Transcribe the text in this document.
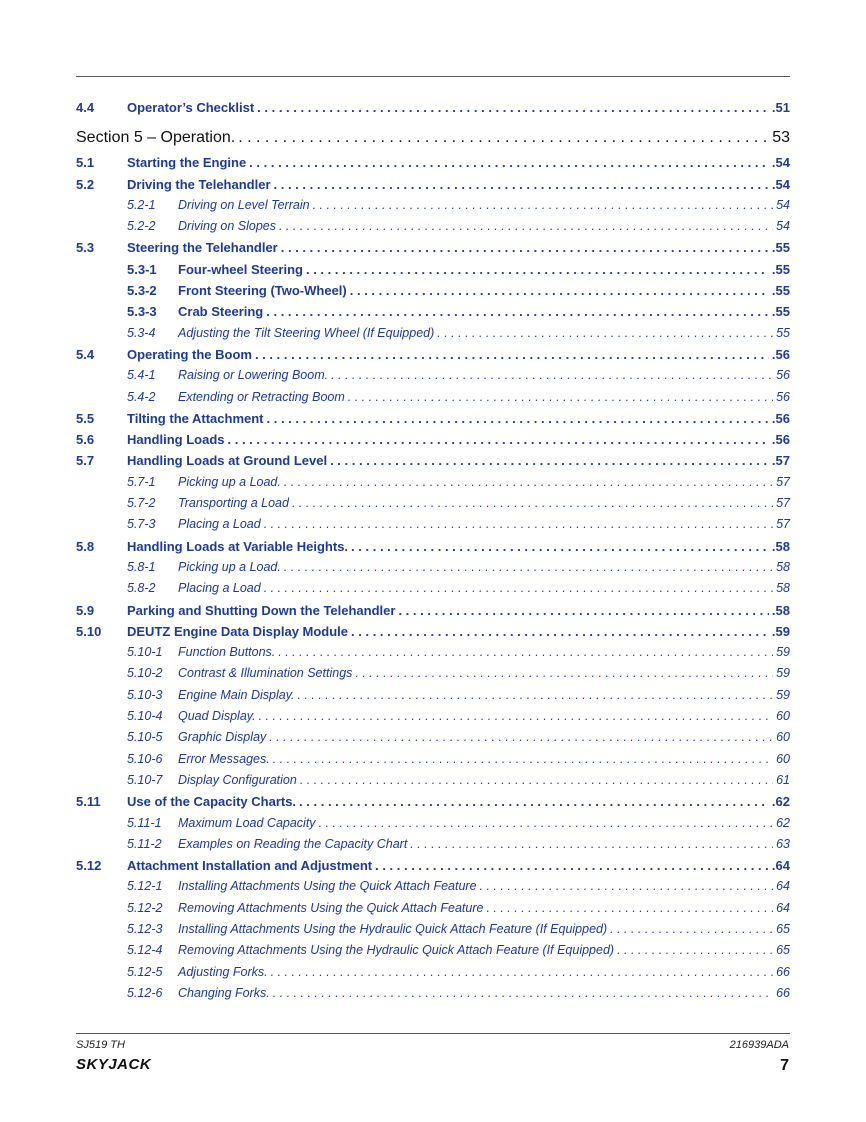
4.4	Operator’s Checklist . . .	.51
Section 5 – Operation. . . .	53
5.1	Starting the Engine . . .	.54
5.2	Driving the Telehandler . . .	.54
5.2-1	Driving on Level Terrain . . .	54
5.2-2	Driving on Slopes . . .	54
5.3	Steering the Telehandler . . .	.55
5.3-1	Four-wheel Steering . . .	.55
5.3-2	Front Steering (Two-Wheel) . . .	.55
5.3-3	Crab Steering . . .	.55
5.3-4	Adjusting the Tilt Steering Wheel (If Equipped) . . .	55
5.4	Operating the Boom . . .	.56
5.4-1	Raising or Lowering Boom. . . .	56
5.4-2	Extending or Retracting Boom . . .	56
5.5	Tilting the Attachment . . .	.56
5.6	Handling Loads . . .	.56
5.7	Handling Loads at Ground Level . . .	.57
5.7-1	Picking up a Load. . . .	57
5.7-2	Transporting a Load . . .	57
5.7-3	Placing a Load . . .	57
5.8	Handling Loads at Variable Heights. . . .	.58
5.8-1	Picking up a Load. . . .	58
5.8-2	Placing a Load . . .	58
5.9	Parking and Shutting Down the Telehandler . . .	.58
5.10	DEUTZ Engine Data Display Module . . .	.59
5.10-1	Function Buttons. . . .	59
5.10-2	Contrast & Illumination Settings . . .	59
5.10-3	Engine Main Display. . . .	59
5.10-4	Quad Display. . . .	60
5.10-5	Graphic Display . . .	60
5.10-6	Error Messages. . . .	60
5.10-7	Display Configuration . . .	61
5.11	Use of the Capacity Charts. . . .	.62
5.11-1	Maximum Load Capacity . . .	62
5.11-2	Examples on Reading the Capacity Chart . . .	63
5.12	Attachment Installation and Adjustment . . .	.64
5.12-1	Installing Attachments Using the Quick Attach Feature . . .	64
5.12-2	Removing Attachments Using the Quick Attach Feature . . .	64
5.12-3	Installing Attachments Using the Hydraulic Quick Attach Feature (If Equipped) . . .	65
5.12-4	Removing Attachments Using the Hydraulic Quick Attach Feature (If Equipped) . . .	65
5.12-5	Adjusting Forks. . . .	66
5.12-6	Changing Forks. . . .	66
SJ519 TH	216939ADA
SKYJACK	7
